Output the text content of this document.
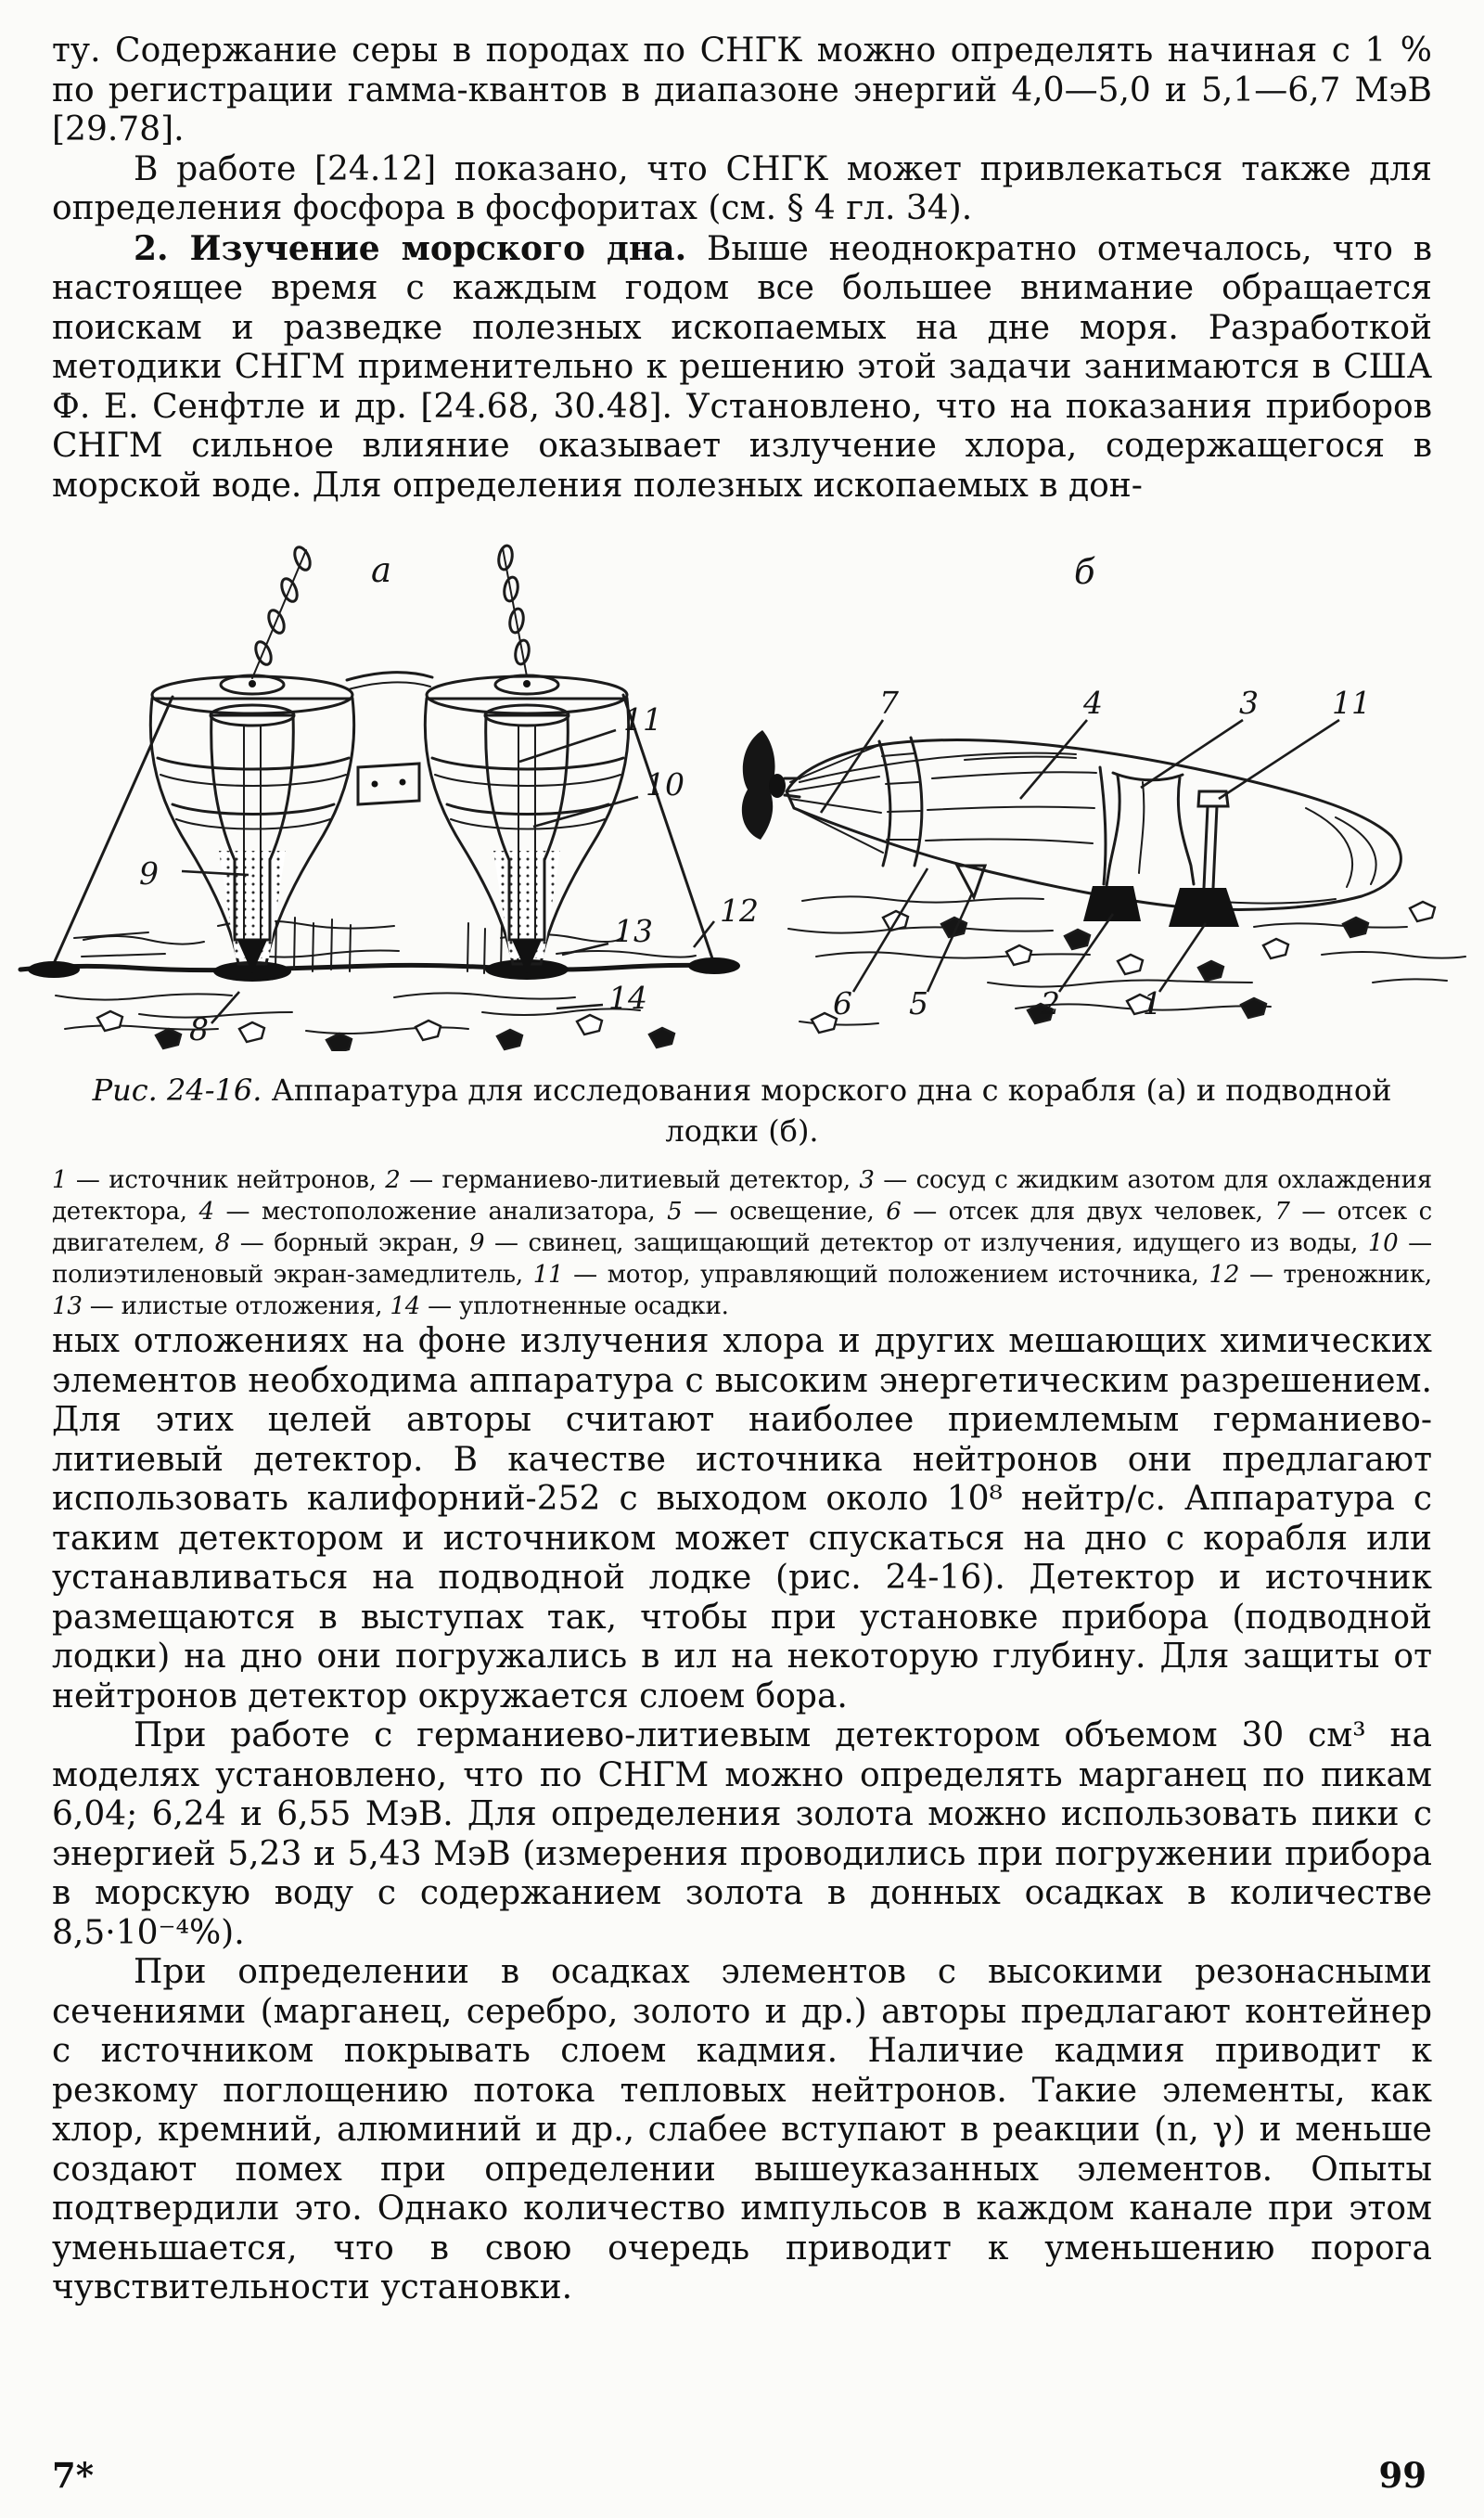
ту. Содержание серы в породах по СНГК можно определять начиная с 1 % по регистрации гамма-квантов в диапазоне энергий 4,0—5,0 и 5,1—6,7 МэВ [29.78].

В работе [24.12] показано, что СНГК может привлекаться также для определения фосфора в фосфоритах (см. § 4 гл. 34).

2. Изучение морского дна. Выше неоднократно отмечалось, что в настоящее время с каждым годом все большее внимание обращается поискам и разведке полезных ископаемых на дне моря. Разработкой методики СНГМ применительно к решению этой задачи занимаются в США Ф. Е. Сенфтле и др. [24.68, 30.48]. Установлено, что на показания приборов СНГМ сильное влияние оказывает излучение хлора, содержащегося в морской воде. Для определения полезных ископаемых в дон-

а
9
11
10
12
13
14
8
б
7	4	3 11
6 5	2	1

Рис. 24-16. Аппаратура для исследования морского дна с корабля (а) и подводной лодки (б).

1 — источник нейтронов, 2 — германиево-литиевый детектор, 3 — сосуд с жидким азотом для охлаждения детектора, 4 — местоположение анализатора, 5 — освещение, 6 — отсек для двух человек, 7 — отсек с двигателем, 8 — борный экран, 9 — свинец, защищающий детектор от излучения, идущего из воды, 10 — полиэтиленовый экран-замедлитель, 11 — мотор, управляющий положением источника, 12 — треножник, 13 — илистые отложения, 14 — уплотненные осадки.

ных отложениях на фоне излучения хлора и других мешающих химических элементов необходима аппаратура с высоким энергетическим разрешением. Для этих целей авторы считают наиболее приемлемым германиево-литиевый детектор. В качестве источника нейтронов они предлагают использовать калифорний-252 с выходом около 10⁸ нейтр/с. Аппаратура с таким детектором и источником может спускаться на дно с корабля или устанавливаться на подводной лодке (рис. 24-16). Детектор и источник размещаются в выступах так, чтобы при установке прибора (подводной лодки) на дно они погружались в ил на некоторую глубину. Для защиты от нейтронов детектор окружается слоем бора.

При работе с германиево-литиевым детектором объемом 30 см³ на моделях установлено, что по СНГМ можно определять марганец по пикам 6,04; 6,24 и 6,55 МэВ. Для определения золота можно использовать пики с энергией 5,23 и 5,43 МэВ (измерения проводились при погружении прибора в морскую воду с содержанием золота в донных осадках в количестве 8,5·10⁻⁴%).

При определении в осадках элементов с высокими резонасными сечениями (марганец, серебро, золото и др.) авторы предлагают контейнер с источником покрывать слоем кадмия. Наличие кадмия приводит к резкому поглощению потока тепловых нейтронов. Такие элементы, как хлор, кремний, алюминий и др., слабее вступают в реакции (n, γ) и меньше создают помех при определении вышеуказанных элементов. Опыты подтвердили это. Однако количество импульсов в каждом канале при этом уменьшается, что в свою очередь приводит к уменьшению порога чувствительности установки.

7*	99
